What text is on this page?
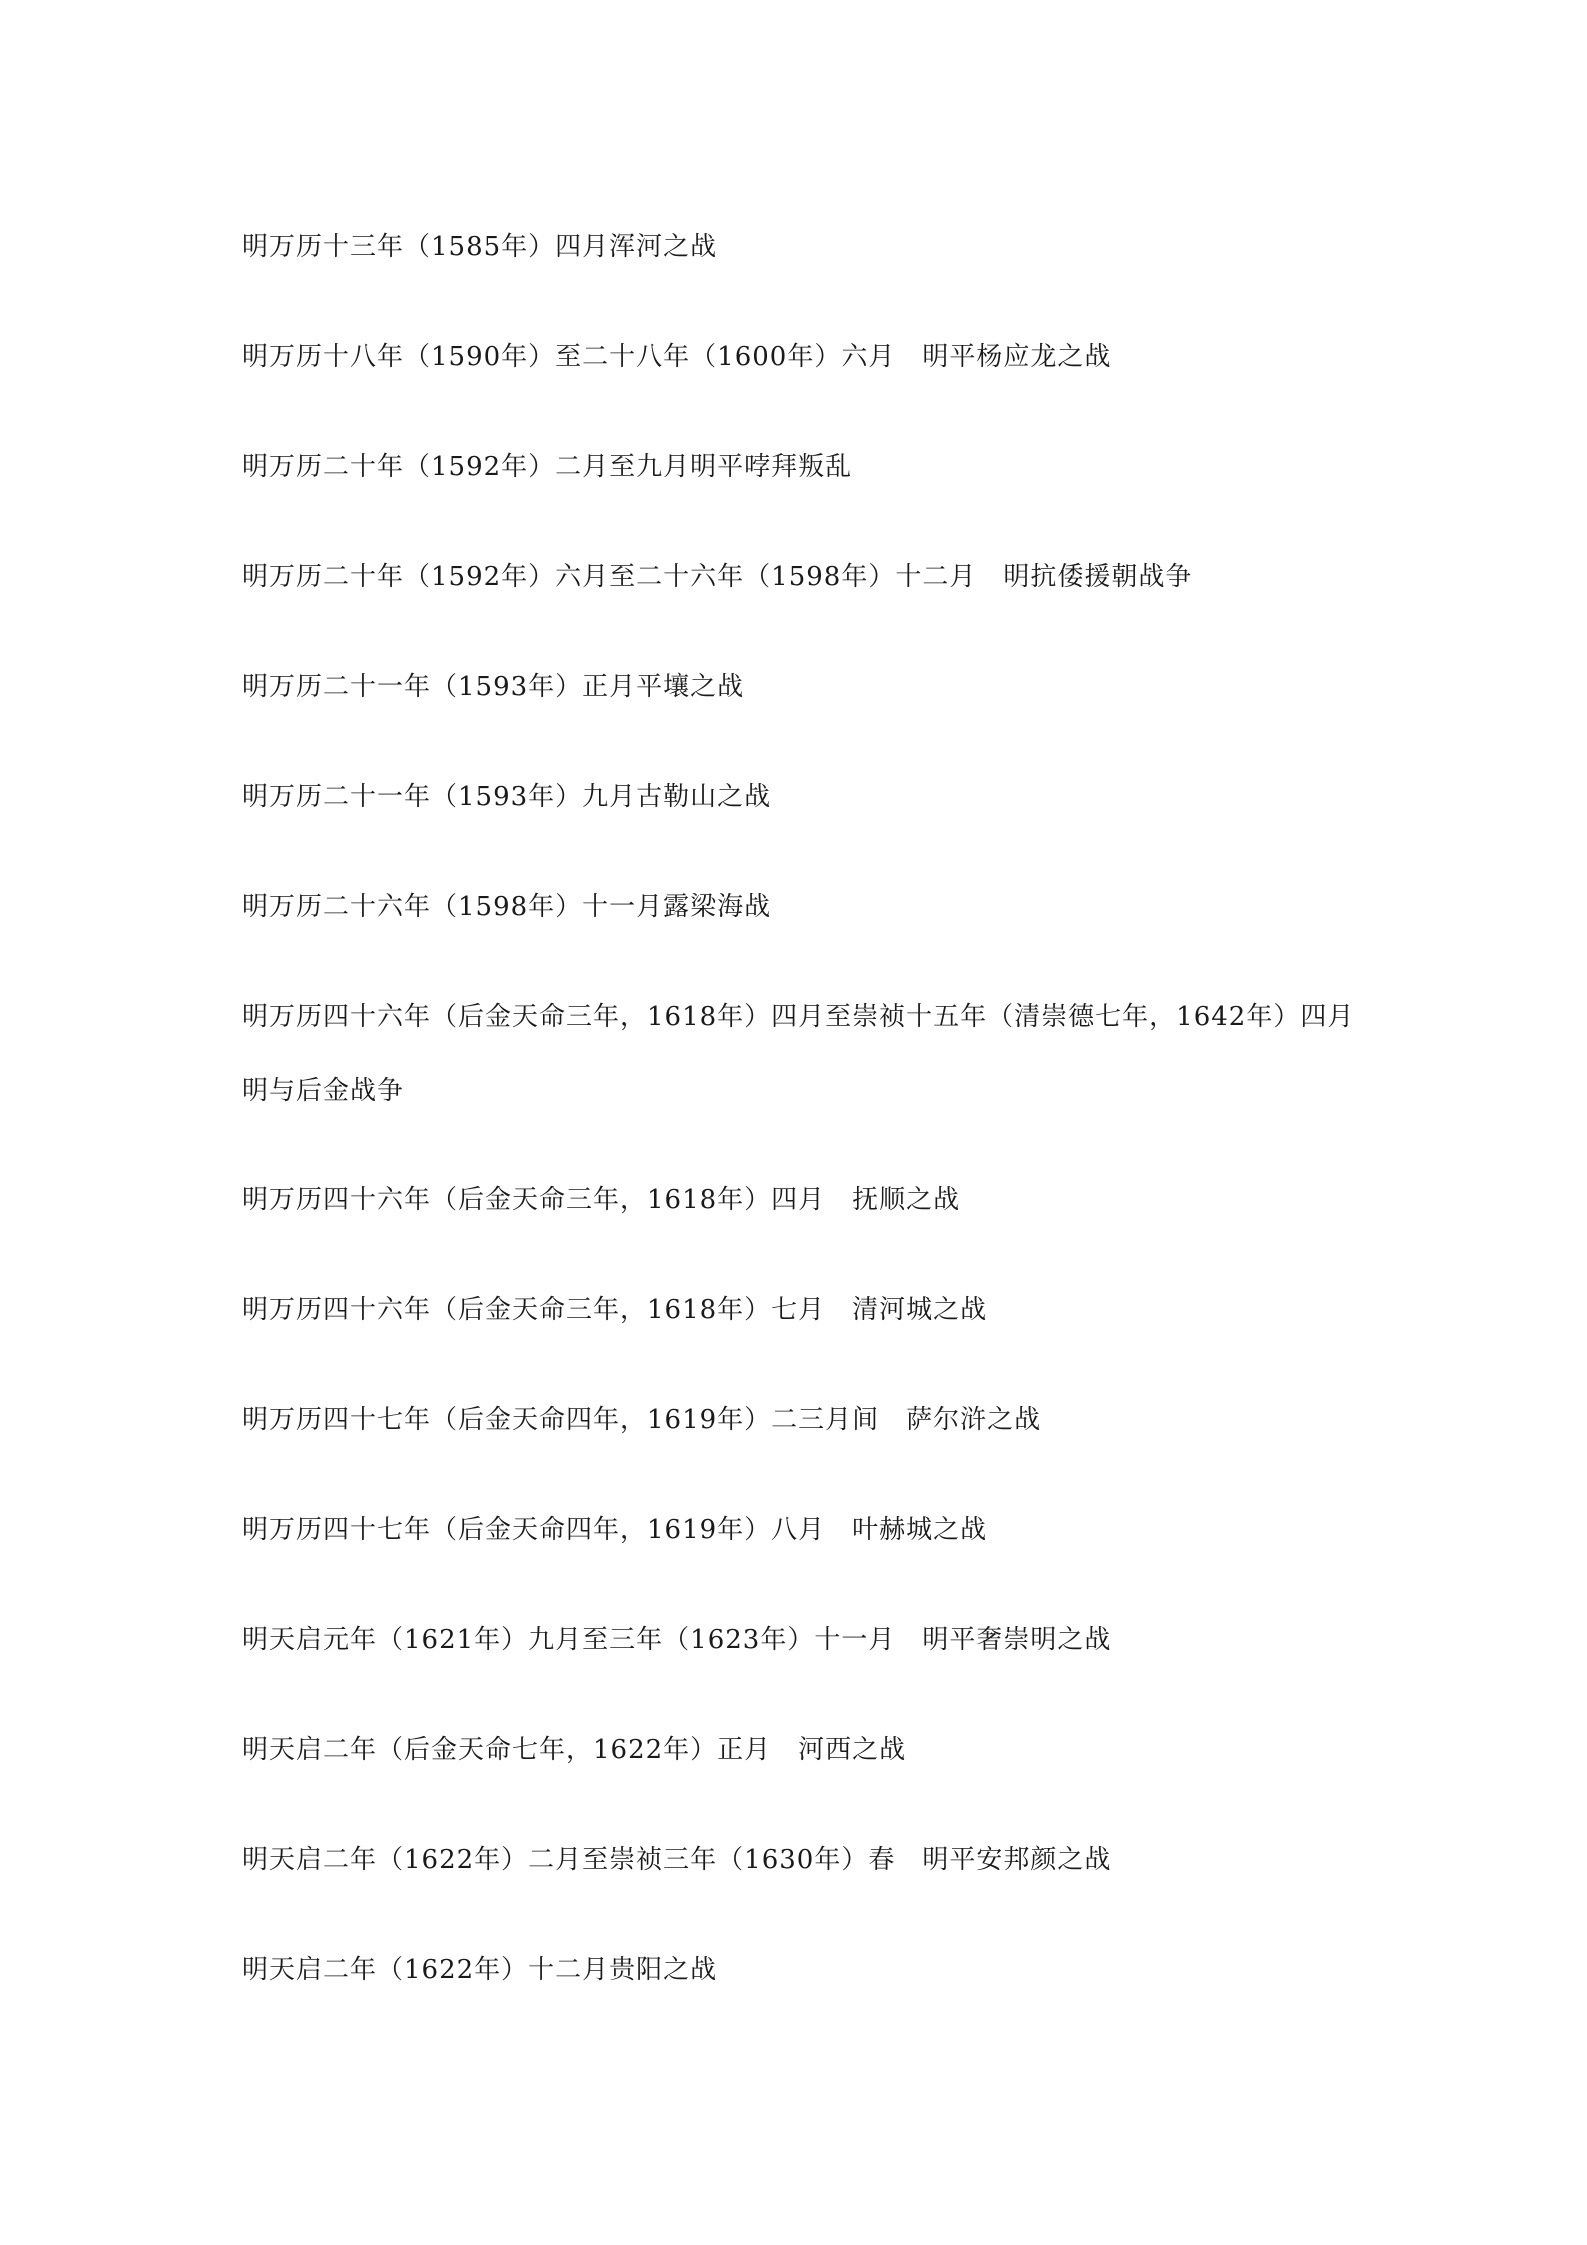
明万历十三年（1585年）四月浑河之战

明万历十八年（1590年）至二十八年（1600年）六月　明平杨应龙之战

明万历二十年（1592年）二月至九月明平哱拜叛乱

明万历二十年（1592年）六月至二十六年（1598年）十二月　明抗倭援朝战争

明万历二十一年（1593年）正月平壤之战

明万历二十一年（1593年）九月古勒山之战

明万历二十六年（1598年）十一月露梁海战

明万历四十六年（后金天命三年，1618年）四月至崇祯十五年（清崇德七年，1642年）四月　明与后金战争

明万历四十六年（后金天命三年，1618年）四月　抚顺之战

明万历四十六年（后金天命三年，1618年）七月　清河城之战

明万历四十七年（后金天命四年，1619年）二三月间　萨尔浒之战

明万历四十七年（后金天命四年，1619年）八月　叶赫城之战

明天启元年（1621年）九月至三年（1623年）十一月　明平奢崇明之战

明天启二年（后金天命七年，1622年）正月　河西之战

明天启二年（1622年）二月至崇祯三年（1630年）春　明平安邦颜之战

明天启二年（1622年）十二月贵阳之战
